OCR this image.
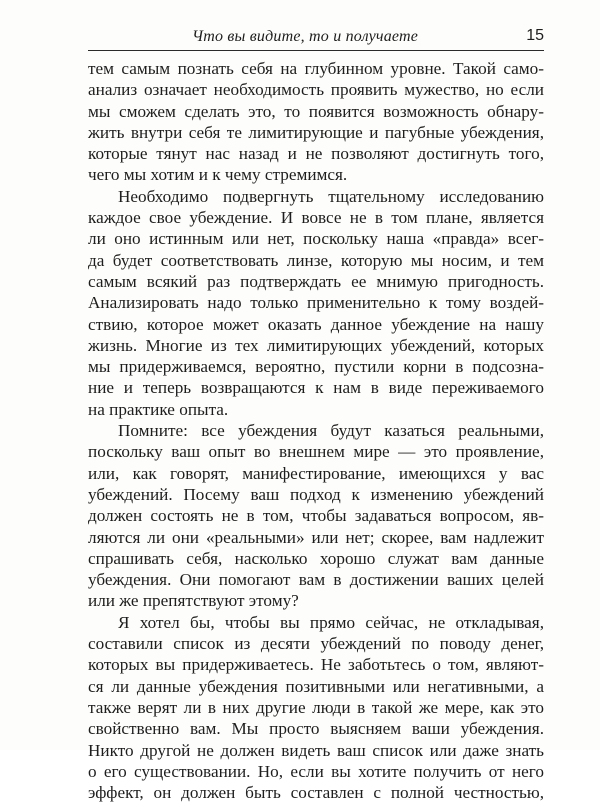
Что вы видите, то и получаете	15

тем самым познать себя на глубинном уровне. Такой само-
анализ означает необходимость проявить мужество, но если
мы сможем сделать это, то появится возможность обнару-
жить внутри себя те лимитирующие и пагубные убеждения,
которые тянут нас назад и не позволяют достигнуть того,
чего мы хотим и к чему стремимся.

Необходимо подвергнуть тщательному исследованию
каждое свое убеждение. И вовсе не в том плане, является
ли оно истинным или нет, поскольку наша «правда» всег-
да будет соответствовать линзе, которую мы носим, и тем
самым всякий раз подтверждать ее мнимую пригодность.
Анализировать надо только применительно к тому воздей-
ствию, которое может оказать данное убеждение на нашу
жизнь. Многие из тех лимитирующих убеждений, которых
мы придерживаемся, вероятно, пустили корни в подсозна-
ние и теперь возвращаются к нам в виде переживаемого
на практике опыта.

Помните: все убеждения будут казаться реальными,
поскольку ваш опыт во внешнем мире — это проявление,
или, как говорят, манифестирование, имеющихся у вас
убеждений. Посему ваш подход к изменению убеждений
должен состоять не в том, чтобы задаваться вопросом, яв-
ляются ли они «реальными» или нет; скорее, вам надлежит
спрашивать себя, насколько хорошо служат вам данные
убеждения. Они помогают вам в достижении ваших целей
или же препятствуют этому?

Я хотел бы, чтобы вы прямо сейчас, не откладывая,
составили список из десяти убеждений по поводу денег,
которых вы придерживаетесь. Не заботьтесь о том, являют-
ся ли данные убеждения позитивными или негативными, а
также верят ли в них другие люди в такой же мере, как это
свойственно вам. Мы просто выясняем ваши убеждения.
Никто другой не должен видеть ваш список или даже знать
о его существовании. Но, если вы хотите получить от него
эффект, он должен быть составлен с полной честностью,
